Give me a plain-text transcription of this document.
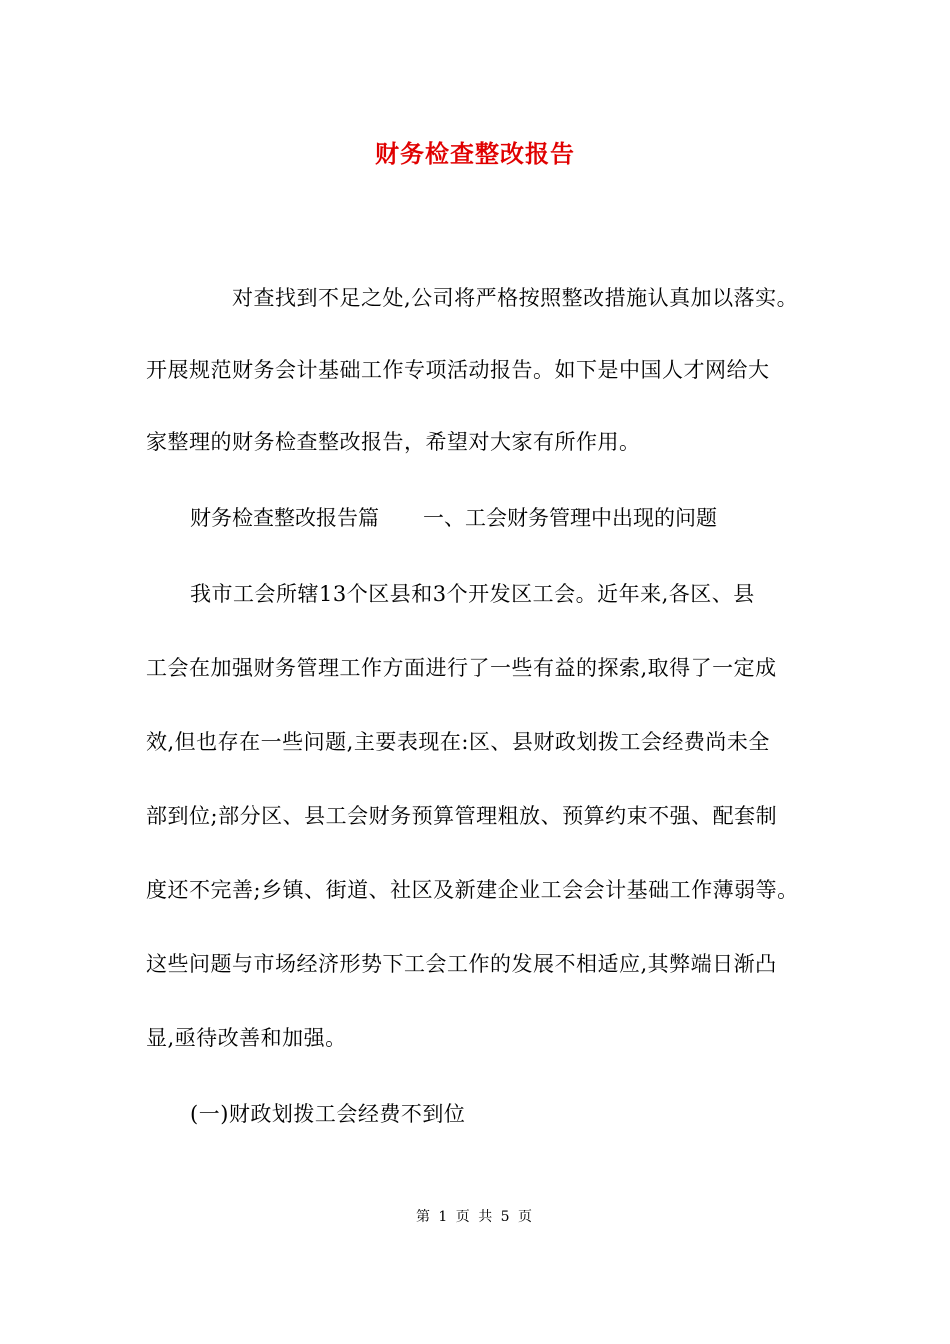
财务检查整改报告
对查找到不足之处,公司将严格按照整改措施认真加以落实。
开展规范财务会计基础工作专项活动报告。如下是中国人才网给大
家整理的财务检查整改报告，希望对大家有所作用。
财务检查整改报告篇 一、工会财务管理中出现的问题
我市工会所辖13个区县和3个开发区工会。近年来,各区、县
工会在加强财务管理工作方面进行了一些有益的探索,取得了一定成
效,但也存在一些问题,主要表现在:区、县财政划拨工会经费尚未全
部到位;部分区、县工会财务预算管理粗放、预算约束不强、配套制
度还不完善;乡镇、街道、社区及新建企业工会会计基础工作薄弱等。
这些问题与市场经济形势下工会工作的发展不相适应,其弊端日渐凸
显,亟待改善和加强。
(一)财政划拨工会经费不到位
第 1 页 共 5 页
